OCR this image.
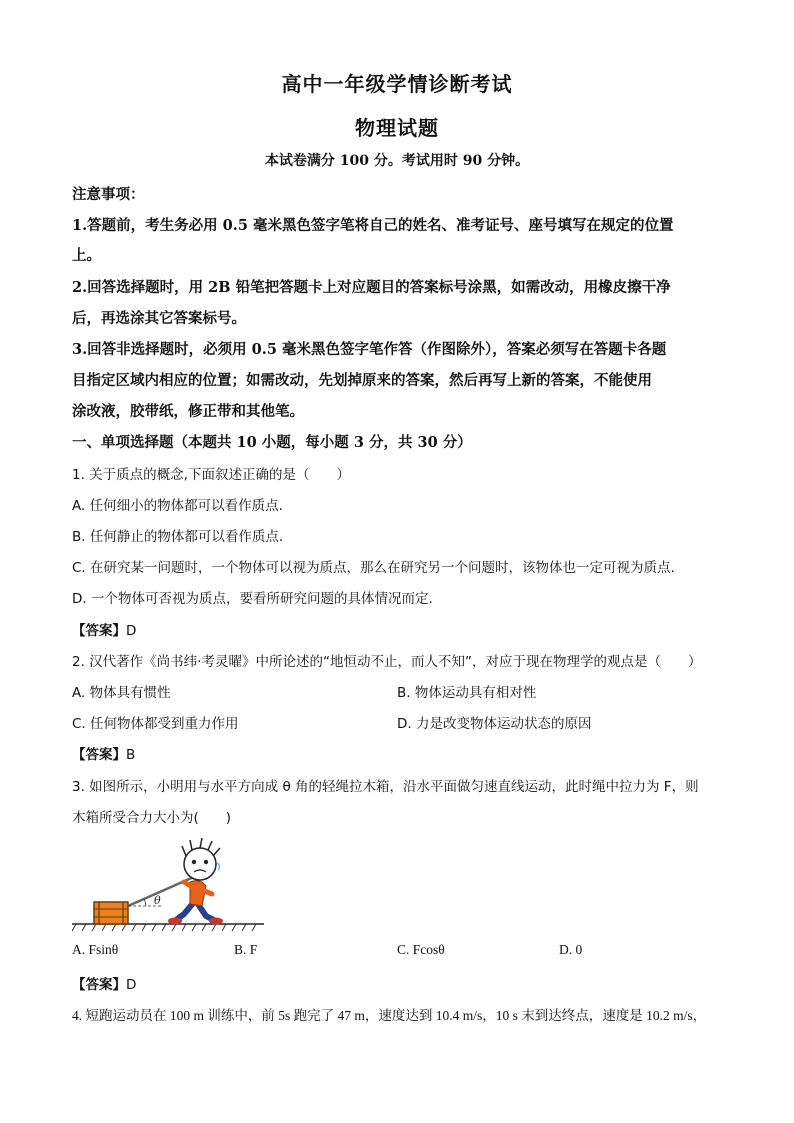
高中一年级学情诊断考试
物理试题
本试卷满分 100 分。考试用时 90 分钟。
注意事项：
1.答题前，考生务必用 0.5 毫米黑色签字笔将自己的姓名、准考证号、座号填写在规定的位置
上。
2.回答选择题时，用 2B 铅笔把答题卡上对应题目的答案标号涂黑，如需改动，用橡皮擦干净
后，再选涂其它答案标号。
3.回答非选择题时，必须用 0.5 毫米黑色签字笔作答（作图除外），答案必须写在答题卡各题
目指定区域内相应的位置；如需改动，先划掉原来的答案，然后再写上新的答案，不能使用
涂改液，胶带纸，修正带和其他笔。
一、单项选择题（本题共 10 小题，每小题 3 分，共 30 分）
1. 关于质点的概念,下面叙述正确的是（　　）
A. 任何细小的物体都可以看作质点.
B. 任何静止的物体都可以看作质点.
C. 在研究某一问题时，一个物体可以视为质点，那么在研究另一个问题时，该物体也一定可视为质点.
D. 一个物体可否视为质点，要看所研究问题的具体情况而定.
【答案】D
2. 汉代著作《尚书纬·考灵曜》中所论述的“地恒动不止，而人不知”，对应于现在物理学的观点是（　　）
A. 物体具有惯性	B. 物体运动具有相对性
C. 任何物体都受到重力作用	D. 力是改变物体运动状态的原因
【答案】B
3. 如图所示，小明用与水平方向成 θ 角的轻绳拉木箱，沿水平面做匀速直线运动，此时绳中拉力为 F，则
木箱所受合力大小为(　　)
θ
A. Fsinθ	B. F	C. Fcosθ	D. 0
【答案】D
4. 短跑运动员在 100 m 训练中，前 5s 跑完了 47 m，速度达到 10.4 m/s，10 s 末到达终点，速度是 10.2 m/s，
